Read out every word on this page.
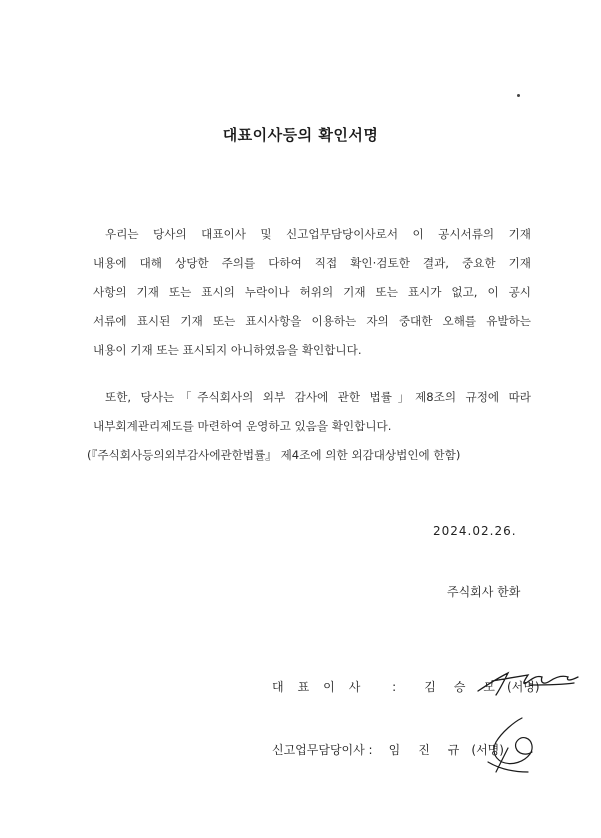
대표이사등의 확인서명
우리는 당사의 대표이사 및 신고업무담당이사로서 이 공시서류의 기재
내용에 대해 상당한 주의를 다하여 직접 확인·검토한 결과, 중요한 기재
사항의 기재 또는 표시의 누락이나 허위의 기재 또는 표시가 없고, 이 공시
서류에 표시된 기재 또는 표시사항을 이용하는 자의 중대한 오해를 유발하는
내용이 기재 또는 표시되지 아니하였음을 확인합니다.
또한, 당사는「주식회사의 외부 감사에 관한 법률」제8조의 규정에 따라
내부회계관리제도를 마련하여 운영하고 있음을 확인합니다.
(『주식회사등의외부감사에관한법률』 제4조에 의한 외감대상법인에 한함)
2024.02.26.
주식회사 한화
대표이사 : 김승모(서명)
신고업무담당이사 : 임진규(서명)
